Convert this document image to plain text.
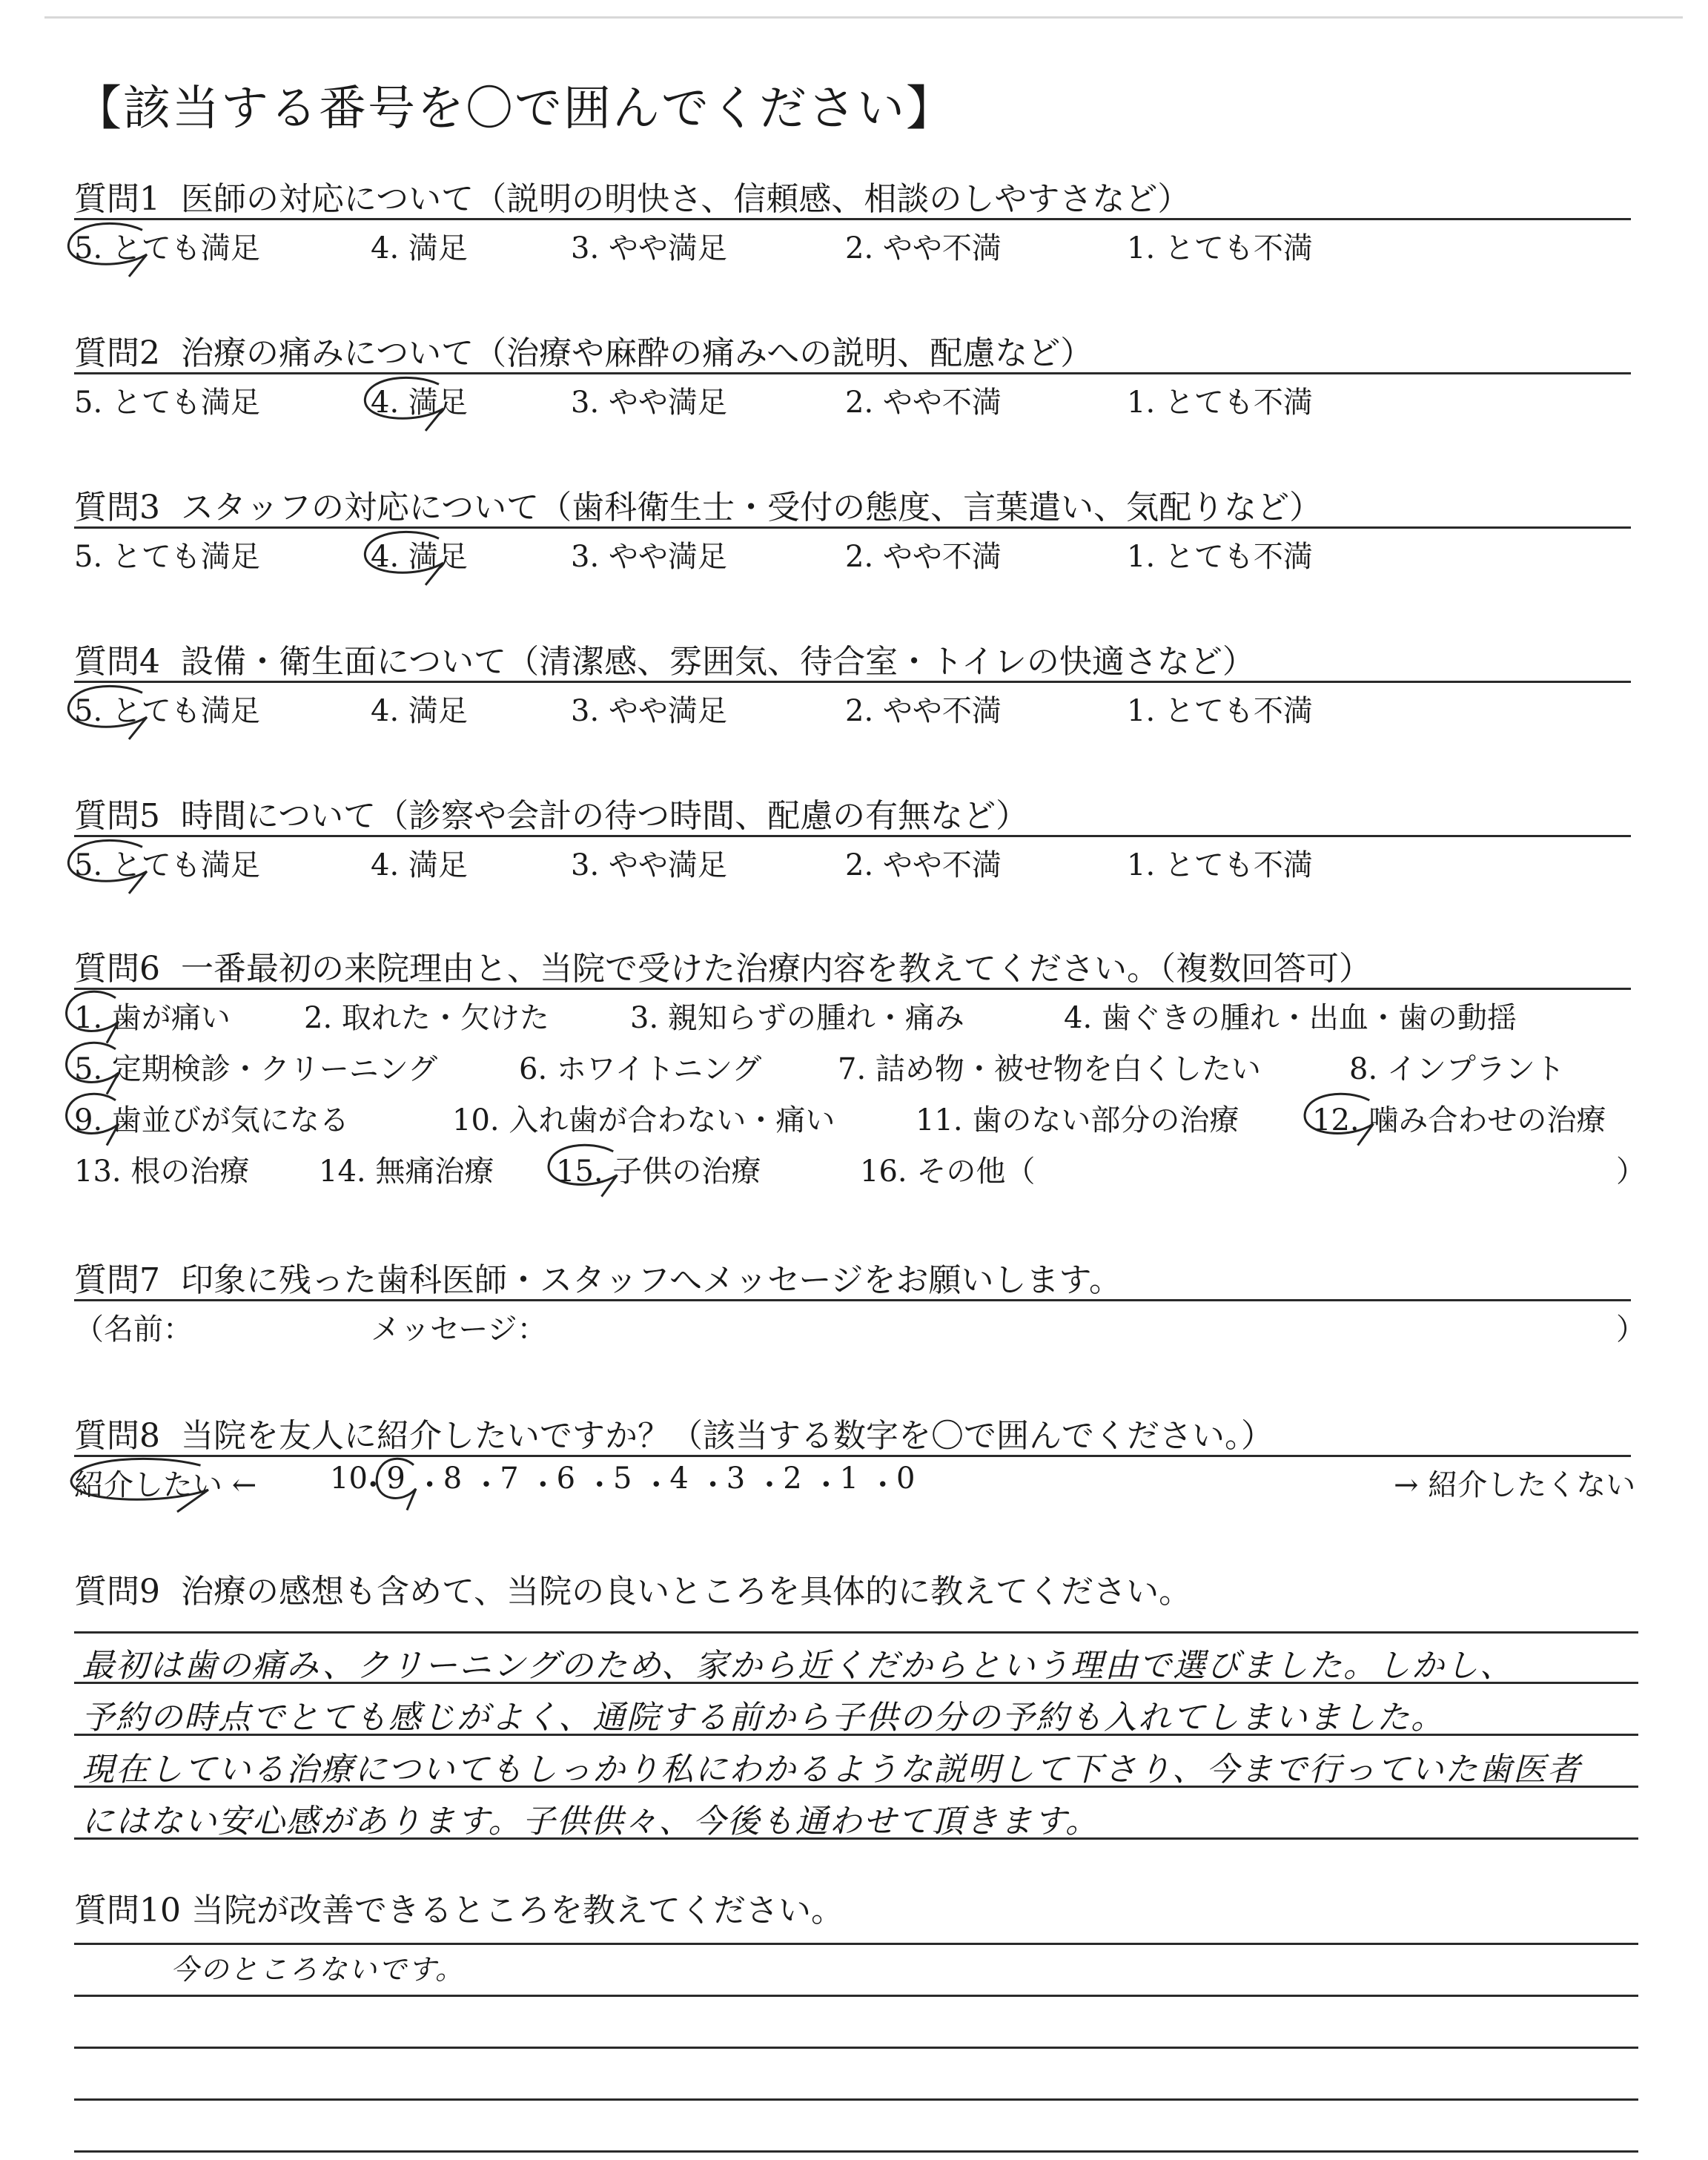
【該当する番号を〇で囲んでください】
質問1 医師の対応について（説明の明快さ、信頼感、相談のしやすさなど）
5. とても満足	4. 満足	3. やや満足	2. やや不満	1. とても不満
質問2 治療の痛みについて（治療や麻酔の痛みへの説明、配慮など）
5. とても満足	4. 満足	3. やや満足	2. やや不満	1. とても不満
質問3 スタッフの対応について（歯科衛生士・受付の態度、言葉遣い、気配りなど）
5. とても満足	4. 満足	3. やや満足	2. やや不満	1. とても不満
質問4 設備・衛生面について（清潔感、雰囲気、待合室・トイレの快適さなど）
5. とても満足	4. 満足	3. やや満足	2. やや不満	1. とても不満
質問5 時間について（診察や会計の待つ時間、配慮の有無など）
5. とても満足	4. 満足	3. やや満足	2. やや不満	1. とても不満
質問6 一番最初の来院理由と、当院で受けた治療内容を教えてください。（複数回答可）
1. 歯が痛い 2. 取れた・欠けた	3. 親知らずの腫れ・痛み	4. 歯ぐきの腫れ・出血・歯の動揺
5. 定期検診・クリーニング	6. ホワイトニング	7. 詰め物・被せ物を白くしたい	8. インプラント
9. 歯並びが気になる	10. 入れ歯が合わない・痛い	11. 歯のない部分の治療 12. 噛み合わせの治療
13. 根の治療 14. 無痛治療 15. 子供の治療	16. その他（	）
質問7 印象に残った歯科医師・スタッフへメッセージをお願いします。
（名前：	メッセージ：	）
質問8 当院を友人に紹介したいですか？（該当する数字を〇で囲んでください。）
紹介したい ←	→ 紹介したくない
10
・
9 ・
8 ・
7 ・
6 ・
5 ・
4 ・
3 ・
2 ・
1 ・
0
質問9 治療の感想も含めて、当院の良いところを具体的に教えてください。
最初は歯の痛み、クリーニングのため、家から近くだからという理由で選びました。しかし、
予約の時点でとても感じがよく、通院する前から子供の分の予約も入れてしまいました。
現在している治療についてもしっかり私にわかるような説明して下さり、今まで行っていた歯医者
にはない安心感があります。子供供々、今後も通わせて頂きます。
質問10 当院が改善できるところを教えてください。
今のところないです。
